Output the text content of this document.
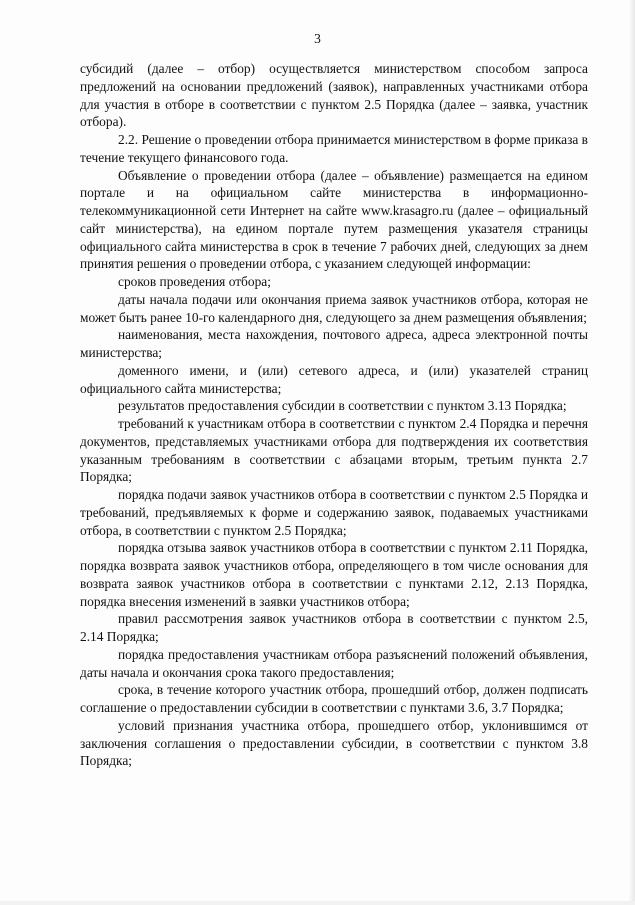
3

субсидий (далее – отбор) осуществляется министерством способом запроса предложений на основании предложений (заявок), направленных участниками отбора для участия в отборе в соответствии с пунктом 2.5 Порядка (далее – заявка, участник отбора).

2.2. Решение о проведении отбора принимается министерством в форме приказа в течение текущего финансового года.

Объявление о проведении отбора (далее – объявление) размещается на едином портале и на официальном сайте министерства в информационно-телекоммуникационной сети Интернет на сайте www.krasagro.ru (далее – официальный сайт министерства), на едином портале путем размещения указателя страницы официального сайта министерства в срок в течение 7 рабочих дней, следующих за днем принятия решения о проведении отбора, с указанием следующей информации:

сроков проведения отбора;

даты начала подачи или окончания приема заявок участников отбора, которая не может быть ранее 10-го календарного дня, следующего за днем размещения объявления;

наименования, места нахождения, почтового адреса, адреса электронной почты министерства;

доменного имени, и (или) сетевого адреса, и (или) указателей страниц официального сайта министерства;

результатов предоставления субсидии в соответствии с пунктом 3.13 Порядка;

требований к участникам отбора в соответствии с пунктом 2.4 Порядка и перечня документов, представляемых участниками отбора для подтверждения их соответствия указанным требованиям в соответствии с абзацами вторым, третьим пункта 2.7 Порядка;

порядка подачи заявок участников отбора в соответствии с пунктом 2.5 Порядка и требований, предъявляемых к форме и содержанию заявок, подаваемых участниками отбора, в соответствии с пунктом 2.5 Порядка;

порядка отзыва заявок участников отбора в соответствии с пунктом 2.11 Порядка, порядка возврата заявок участников отбора, определяющего в том числе основания для возврата заявок участников отбора в соответствии с пунктами 2.12, 2.13 Порядка, порядка внесения изменений в заявки участников отбора;

правил рассмотрения заявок участников отбора в соответствии с пунктом 2.5, 2.14 Порядка;

порядка предоставления участникам отбора разъяснений положений объявления, даты начала и окончания срока такого предоставления;

срока, в течение которого участник отбора, прошедший отбор, должен подписать соглашение о предоставлении субсидии в соответствии с пунктами 3.6, 3.7 Порядка;

условий признания участника отбора, прошедшего отбор, уклонившимся от заключения соглашения о предоставлении субсидии, в соответствии с пунктом 3.8 Порядка;
